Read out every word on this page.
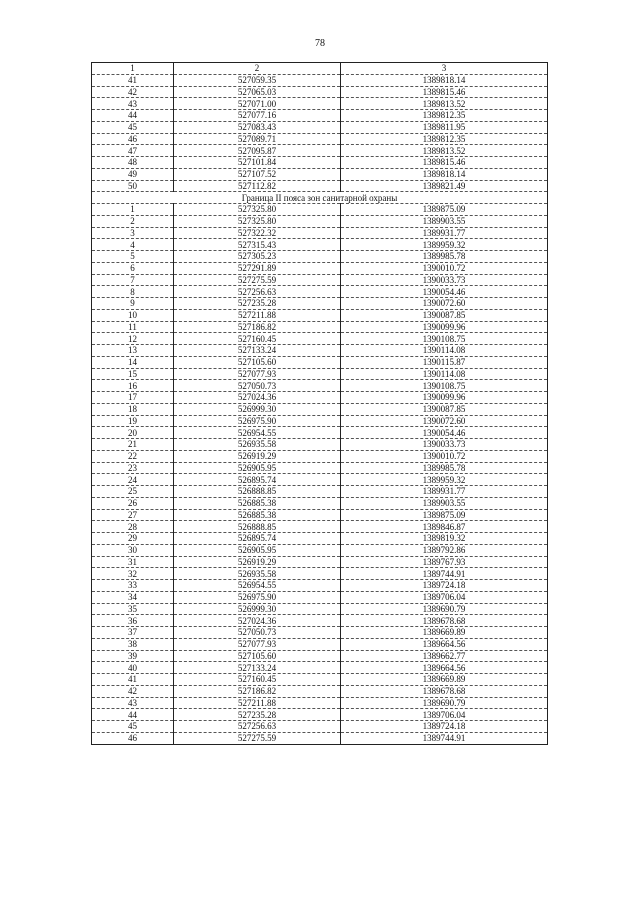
78
1	2	3
41	527059.35	1389818.14
42	527065.03	1389815.46
43	527071.00	1389813.52
44	527077.16	1389812.35
45	527083.43	1389811.95
46	527089.71	1389812.35
47	527095.87	1389813.52
48	527101.84	1389815.46
49	527107.52	1389818.14
50	527112.82	1389821.49
Граница II пояса зон санитарной охраны		
1	527325.80	1389875.09
2	527325.80	1389903.55
3	527322.32	1389931.77
4	527315.43	1389959.32
5	527305.23	1389985.78
6	527291.89	1390010.72
7	527275.59	1390033.73
8	527256.63	1390054.46
9	527235.28	1390072.60
10	527211.88	1390087.85
11	527186.82	1390099.96
12	527160.45	1390108.75
13	527133.24	1390114.08
14	527105.60	1390115.87
15	527077.93	1390114.08
16	527050.73	1390108.75
17	527024.36	1390099.96
18	526999.30	1390087.85
19	526975.90	1390072.60
20	526954.55	1390054.46
21	526935.58	1390033.73
22	526919.29	1390010.72
23	526905.95	1389985.78
24	526895.74	1389959.32
25	526888.85	1389931.77
26	526885.38	1389903.55
27	526885.38	1389875.09
28	526888.85	1389846.87
29	526895.74	1389819.32
30	526905.95	1389792.86
31	526919.29	1389767.93
32	526935.58	1389744.91
33	526954.55	1389724.18
34	526975.90	1389706.04
35	526999.30	1389690.79
36	527024.36	1389678.68
37	527050.73	1389669.89
38	527077.93	1389664.56
39	527105.60	1389662.77
40	527133.24	1389664.56
41	527160.45	1389669.89
42	527186.82	1389678.68
43	527211.88	1389690.79
44	527235.28	1389706.04
45	527256.63	1389724.18
46	527275.59	1389744.91
